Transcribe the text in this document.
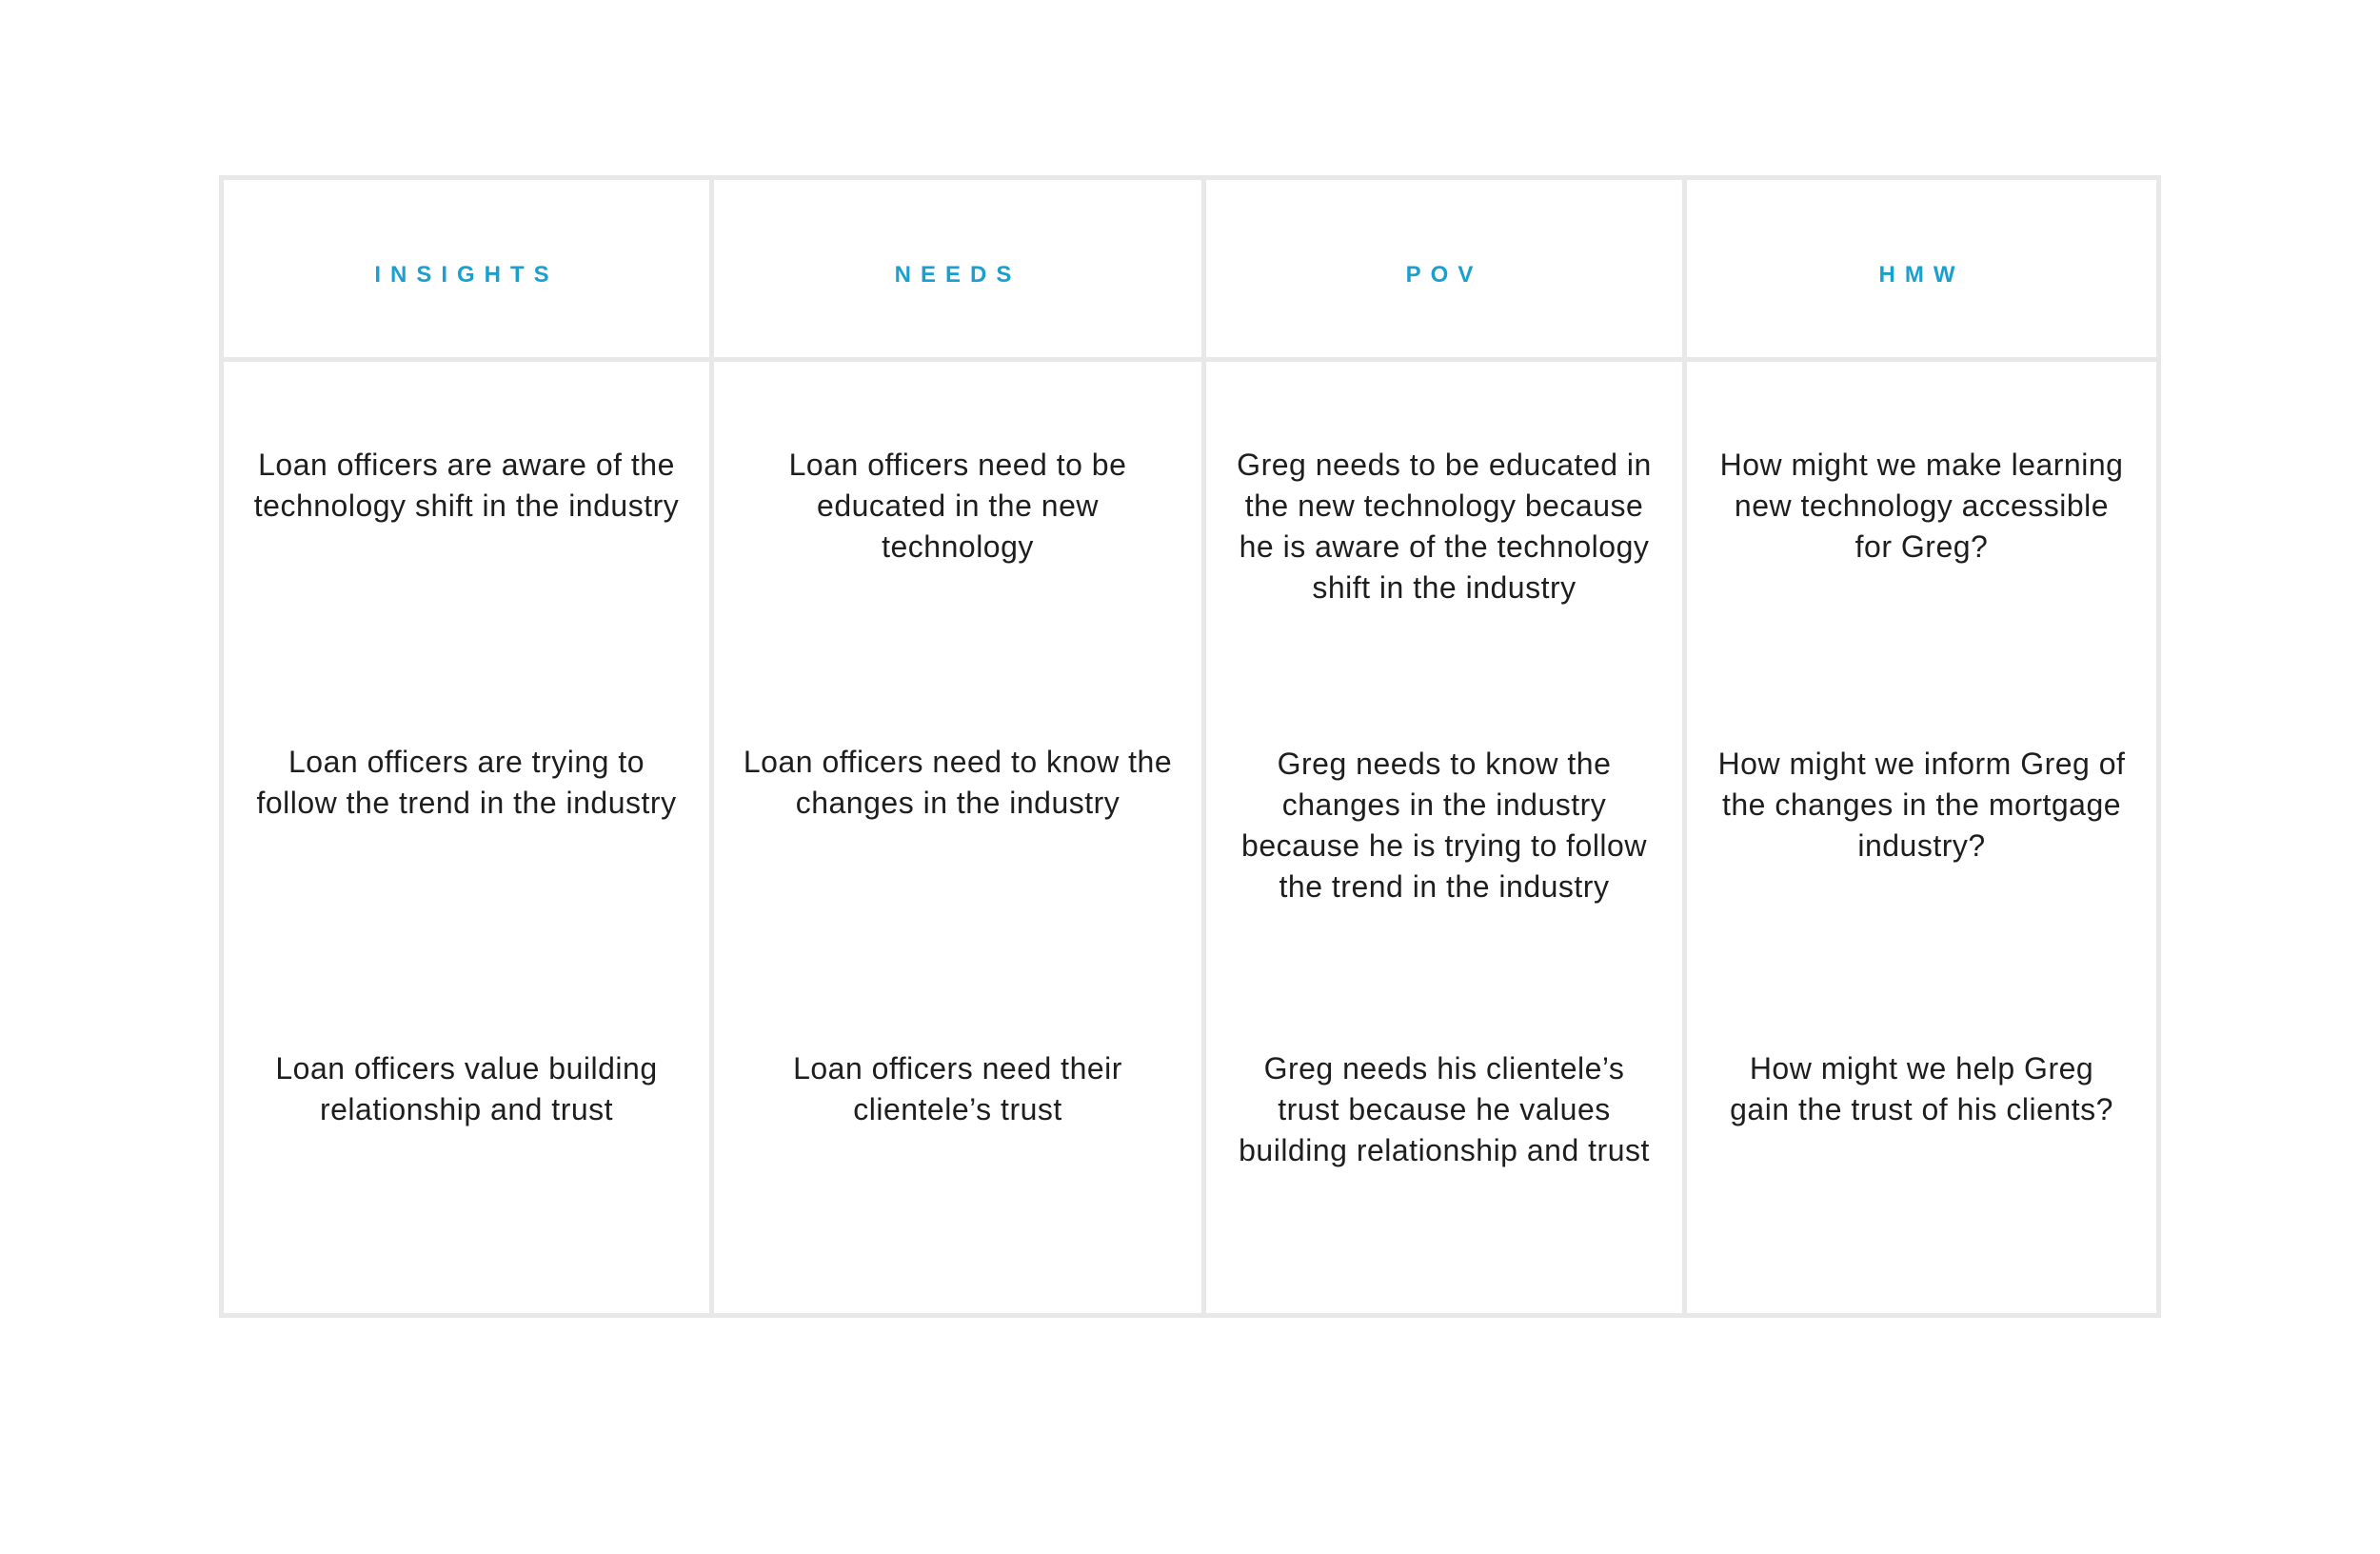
INSIGHTS
Loan officers are aware of the technology shift in the industry
Loan officers are trying to follow the trend in the industry
Loan officers value building relationship and trust
NEEDS
Loan officers need to be educated in the new technology
Loan officers need to know the changes in the industry
Loan officers need their clientele’s trust
POV
Greg needs to be educated in the new technology because he is aware of the technology shift in the industry
Greg needs to know the changes in the industry because he is trying to follow the trend in the industry
Greg needs his clientele’s trust because he values building relationship and trust
HMW
How might we make learning new technology accessible for Greg?
How might we inform Greg of the changes in the mortgage industry?
How might we help Greg gain the trust of his clients?
